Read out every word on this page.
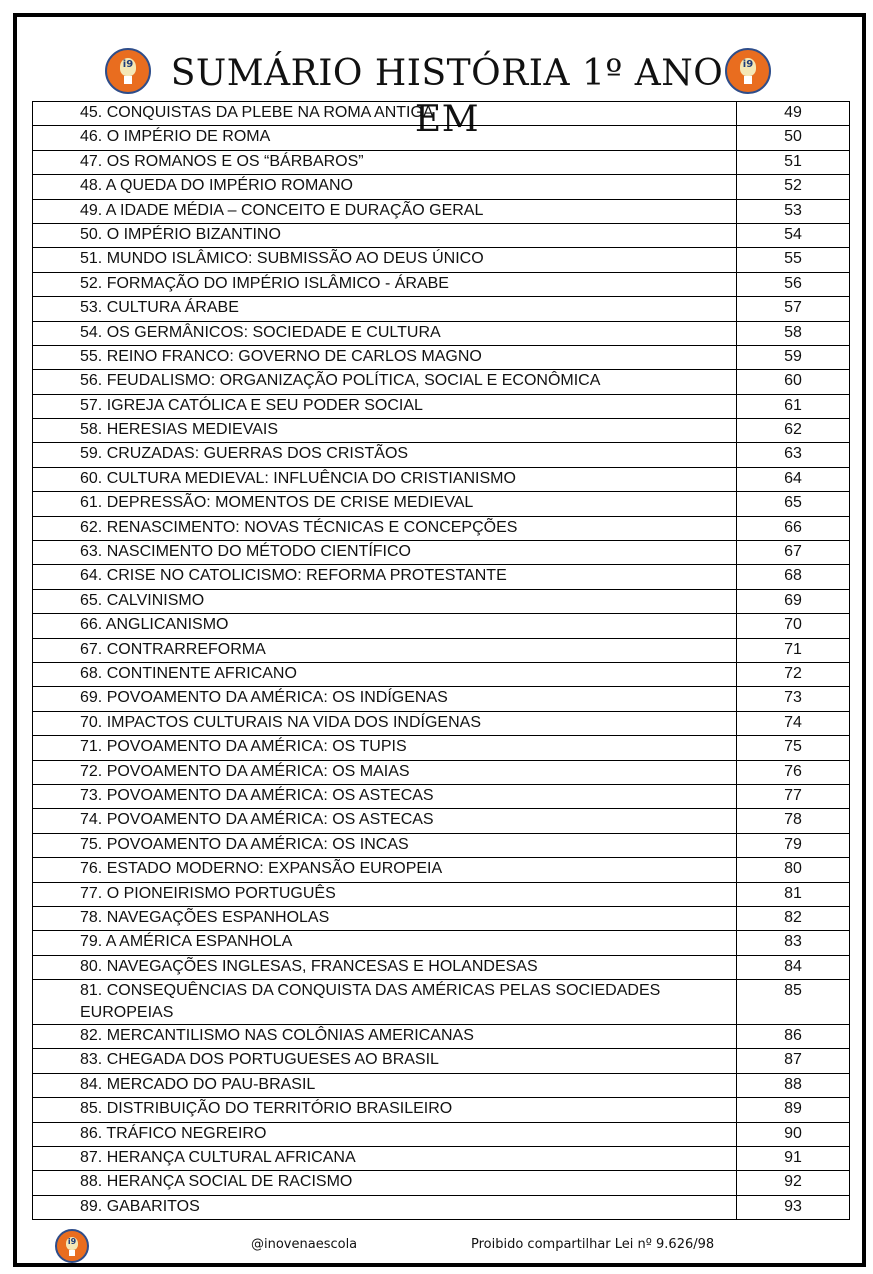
i9	SUMÁRIO HISTÓRIA 1º ANO EM
i9
45. CONQUISTAS DA PLEBE NA ROMA ANTIGA	49
46. O IMPÉRIO DE ROMA	50
47. OS ROMANOS E OS “BÁRBAROS”	51
48. A QUEDA DO IMPÉRIO ROMANO	52
49. A IDADE MÉDIA – CONCEITO E DURAÇÃO GERAL	53
50. O IMPÉRIO BIZANTINO	54
51. MUNDO ISLÂMICO: SUBMISSÃO AO DEUS ÚNICO	55
52. FORMAÇÃO DO IMPÉRIO ISLÂMICO - ÁRABE	56
53. CULTURA ÁRABE	57
54. OS GERMÂNICOS: SOCIEDADE E CULTURA	58
55. REINO FRANCO: GOVERNO DE CARLOS MAGNO	59
56. FEUDALISMO: ORGANIZAÇÃO POLÍTICA, SOCIAL E ECONÔMICA	60
57. IGREJA CATÓLICA E SEU PODER SOCIAL	61
58. HERESIAS MEDIEVAIS	62
59. CRUZADAS: GUERRAS DOS CRISTÃOS	63
60. CULTURA MEDIEVAL: INFLUÊNCIA DO CRISTIANISMO	64
61. DEPRESSÃO: MOMENTOS DE CRISE MEDIEVAL	65
62. RENASCIMENTO: NOVAS TÉCNICAS E CONCEPÇÕES	66
63. NASCIMENTO DO MÉTODO CIENTÍFICO	67
64. CRISE NO CATOLICISMO: REFORMA PROTESTANTE	68
65. CALVINISMO	69
66. ANGLICANISMO	70
67. CONTRARREFORMA	71
68. CONTINENTE AFRICANO	72
69. POVOAMENTO DA AMÉRICA: OS INDÍGENAS	73
70. IMPACTOS CULTURAIS NA VIDA DOS INDÍGENAS	74
71. POVOAMENTO DA AMÉRICA: OS TUPIS	75
72. POVOAMENTO DA AMÉRICA: OS MAIAS	76
73. POVOAMENTO DA AMÉRICA: OS ASTECAS	77
74. POVOAMENTO DA AMÉRICA: OS ASTECAS	78
75. POVOAMENTO DA AMÉRICA: OS INCAS	79
76. ESTADO MODERNO: EXPANSÃO EUROPEIA	80
77. O PIONEIRISMO PORTUGUÊS	81
78. NAVEGAÇÕES ESPANHOLAS	82
79. A AMÉRICA ESPANHOLA	83
80. NAVEGAÇÕES INGLESAS, FRANCESAS E HOLANDESAS	84
81. CONSEQUÊNCIAS DA CONQUISTA DAS AMÉRICAS PELAS SOCIEDADES EUROPEIAS	85
82. MERCANTILISMO NAS COLÔNIAS AMERICANAS	86
83. CHEGADA DOS PORTUGUESES AO BRASIL	87
84. MERCADO DO PAU-BRASIL	88
85. DISTRIBUIÇÃO DO TERRITÓRIO BRASILEIRO	89
86. TRÁFICO NEGREIRO	90
87. HERANÇA CULTURAL AFRICANA	91
88. HERANÇA SOCIAL DE RACISMO	92
89. GABARITOS	93
i9	@inovenaescola	Proibido compartilhar Lei nº 9.626/98
